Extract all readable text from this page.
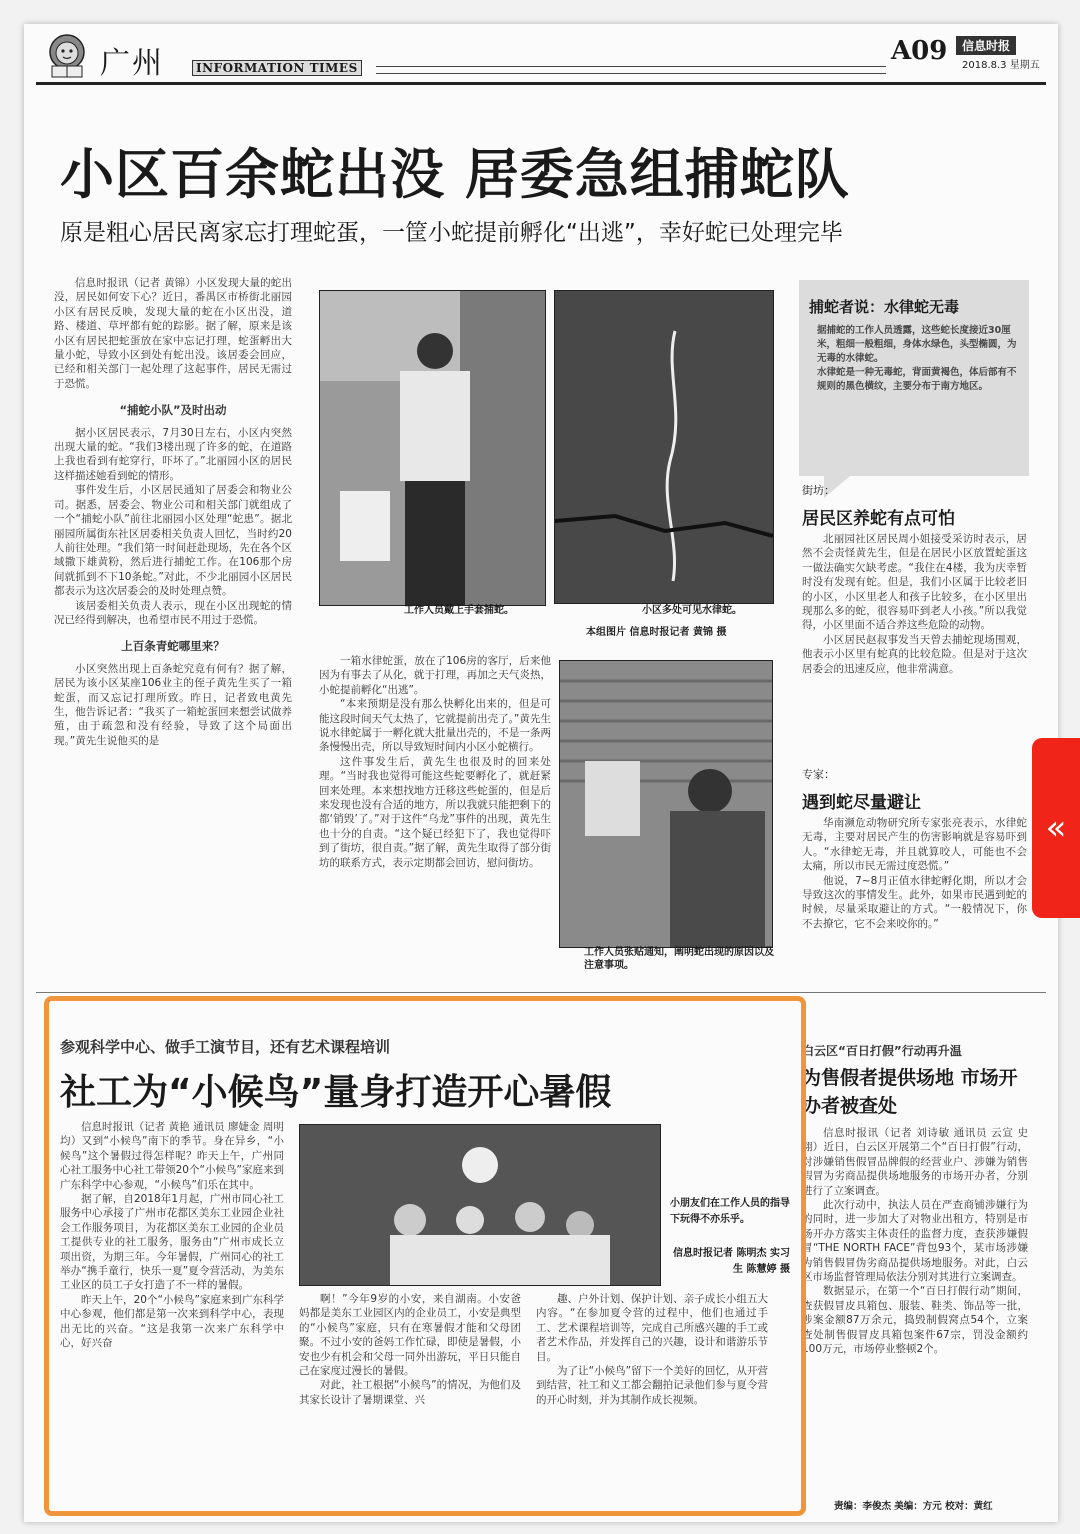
广州	INFORMATION TIMES
A09	信息时报
2018.8.3 星期五
小区百余蛇出没 居委急组捕蛇队
原是粗心居民离家忘打理蛇蛋，一筐小蛇提前孵化“出逃”，幸好蛇已处理完毕

信息时报讯（记者 黄锦）小区发现大量的蛇出没，居民如何安下心？近日，番禺区市桥街北丽园小区有居民反映，发现大量的蛇在小区出没，道路、楼道、草坪都有蛇的踪影。据了解，原来是该小区有居民把蛇蛋放在家中忘记打理，蛇蛋孵出大量小蛇，导致小区到处有蛇出没。该居委会回应，已经和相关部门一起处理了这起事件，居民无需过于恐慌。

“捕蛇小队”及时出动

据小区居民表示，7月30日左右，小区内突然出现大量的蛇。“我们3楼出现了许多的蛇，在道路上我也看到有蛇穿行，吓坏了。”北丽园小区的居民这样描述她看到蛇的情形。

事件发生后，小区居民通知了居委会和物业公司。据悉，居委会、物业公司和相关部门就组成了一个“捕蛇小队”前往北丽园小区处理“蛇患”。据北丽园所属街东社区居委相关负责人回忆，当时约20人前往处理。“我们第一时间赶赴现场，先在各个区域撒下雄黄粉，然后进行捕蛇工作。在106那个房间就抓到不下10条蛇。”对此，不少北丽园小区居民都表示为这次居委会的及时处理点赞。

该居委相关负责人表示，现在小区出现蛇的情况已经得到解决，也希望市民不用过于恐慌。

上百条青蛇哪里来？

小区突然出现上百条蛇究竟有何有？据了解，居民为该小区某座106业主的侄子黄先生买了一箱蛇蛋，而又忘记打理所致。昨日，记者致电黄先生，他告诉记者：“我买了一箱蛇蛋回来想尝试做养殖，由于疏忽和没有经验，导致了这个局面出现。”黄先生说他买的是

工作人员戴上手套捕蛇。	小区多处可见水律蛇。
本组图片 信息时报记者 黄锦 摄
工作人员张贴通知，阐明蛇出现的原因以及注意事项。

一箱水律蛇蛋，放在了106房的客厅，后来他因为有事去了从化，就于打理，再加之天气炎热，小蛇提前孵化“出逃”。

“本来预期是没有那么快孵化出来的，但是可能这段时间天气太热了，它就提前出壳了。”黄先生说水律蛇属于一孵化就大批量出壳的，不是一条两条慢慢出壳，所以导致短时间内小区小蛇横行。

这件事发生后，黄先生也很及时的回来处理。“当时我也觉得可能这些蛇要孵化了，就赶紧回来处理。本来想找地方迁移这些蛇蛋的，但是后来发现也没有合适的地方，所以我就只能把剩下的都‘销毁’了。”对于这件“乌龙”事件的出现，黄先生也十分的自责。“这个疑已经犯下了，我也觉得吓到了街坊，很自责。”据了解，黄先生取得了部分街坊的联系方式，表示定期都会回访，慰问街坊。

捕蛇者说：水律蛇无毒
据捕蛇的工作人员透露，这些蛇长度接近30厘米，粗细一般粗细，身体水绿色，头型椭圆，为无毒的水律蛇。
水律蛇是一种无毒蛇，背面黄褐色，体后部有不规则的黑色横纹，主要分布于南方地区。
街坊：
居民区养蛇有点可怕

北丽园社区居民周小姐接受采访时表示，居然不会责怪黄先生，但是在居民小区放置蛇蛋这一做法确实欠缺考虑。“我住在4楼，我为庆幸暂时没有发现有蛇。但是，我们小区属于比较老旧的小区，小区里老人和孩子比较多，在小区里出现那么多的蛇，很容易吓到老人小孩。”所以我觉得，小区里面不适合养这些危险的动物。

小区居民赵叔事发当天曾去捕蛇现场围观，他表示小区里有蛇真的比较危险。但是对于这次居委会的迅速反应，他非常满意。

专家：
遇到蛇尽量避让

华南濒危动物研究所专家张亮表示，水律蛇无毒，主要对居民产生的伤害影响就是容易吓到人。“水律蛇无毒，并且就算咬人，可能也不会太痛，所以市民无需过度恐慌。”

他说，7~8月正值水律蛇孵化期，所以才会导致这次的事情发生。此外，如果市民遇到蛇的时候，尽量采取避让的方式。“一般情况下，你不去撩它，它不会来咬你的。”

参观科学中心、做手工演节目，还有艺术课程培训
社工为“小候鸟”量身打造开心暑假

信息时报讯（记者 黄艳 通讯员 廖婕金 周明均）又到“小候鸟”南下的季节。身在异乡，“小候鸟”这个暑假过得怎样呢？昨天上午，广州同心社工服务中心社工带领20个“小候鸟”家庭来到广东科学中心参观，“小候鸟”们乐在其中。

据了解，自2018年1月起，广州市同心社工服务中心承接了广州市花都区美东工业园企业社会工作服务项目，为花都区美东工业园的企业员工提供专业的社工服务，服务由“广州市成长立项出资，为期三年。今年暑假，广州同心的社工举办“携手童行，快乐一夏”夏令营活动，为美东工业区的员工子女打造了不一样的暑假。

昨天上午，20个“小候鸟”家庭来到广东科学中心参观，他们都是第一次来到科学中心，表现出无比的兴奋。“这是我第一次来广东科学中心，好兴奋

小朋友们在工作人员的指导下玩得不亦乐乎。
信息时报记者 陈明杰 实习生 陈慧婷 摄

啊！”今年9岁的小安，来自湖南。小安爸妈都是美东工业园区内的企业员工，小安是典型的“小候鸟”家庭，只有在寒暑假才能和父母团聚。不过小安的爸妈工作忙碌，即使是暑假，小安也少有机会和父母一同外出游玩，平日只能自己在家度过漫长的暑假。

对此，社工根据“小候鸟”的情况，为他们及其家长设计了暑期课堂、兴

趣、户外计划、保护计划、亲子成长小组五大内容。“在参加夏令营的过程中，他们也通过手工、艺术课程培训等，完成自己所感兴趣的手工或者艺术作品，并发挥自己的兴趣，设计和谐游乐节目。

为了让“小候鸟”留下一个美好的回忆，从开营到结营，社工和义工都会翻拍记录他们参与夏令营的开心时刻，并为其制作成长视频。

白云区“百日打假”行动再升温
为售假者提供场地 市场开办者被查处

信息时报讯（记者 刘诗敏 通讯员 云宣 史翔）近日，白云区开展第二个“百日打假”行动，对涉嫌销售假冒品牌假的经营业户、涉嫌为销售假冒为劣商品提供场地服务的市场开办者，分别进行了立案调查。

此次行动中，执法人员在严查商铺涉嫌行为的同时，进一步加大了对物业出租方，特别是市场开办方落实主体责任的监督力度，查获涉嫌假冒“THE NORTH FACE”背包93个，某市场涉嫌为销售假冒伪劣商品提供场地服务。对此，白云区市场监督管理局依法分别对其进行立案调查。

数据显示，在第一个“百日打假行动”期间，查获假冒皮具箱包、服装、鞋类、饰品等一批，涉案金额87万余元，捣毁制假窝点54个，立案查处制售假冒皮具箱包案件67宗，罚没金额约100万元，市场停业整顿2个。

责编：李俊杰 美编：方元 校对：黄红
«
